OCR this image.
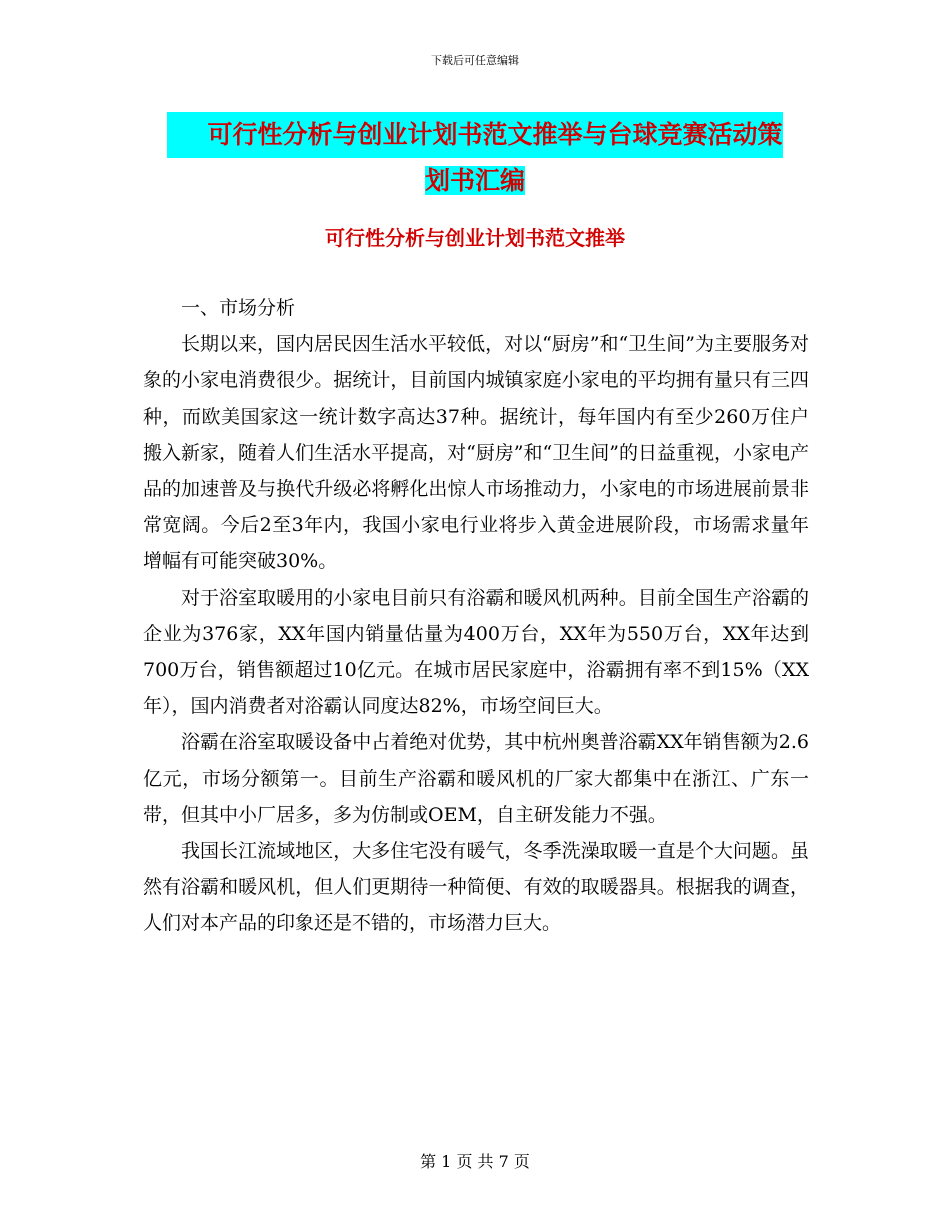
下载后可任意编辑
可行性分析与创业计划书范文推举与台球竞赛活动策
划书汇编
可行性分析与创业计划书范文推举

一、市场分析

长期以来，国内居民因生活水平较低，对以“厨房”和“卫生间”为主要服务对象的小家电消费很少。据统计，目前国内城镇家庭小家电的平均拥有量只有三四种，而欧美国家这一统计数字高达37种。据统计，每年国内有至少260万住户搬入新家，随着人们生活水平提高，对“厨房”和“卫生间”的日益重视，小家电产品的加速普及与换代升级必将孵化出惊人市场推动力，小家电的市场进展前景非常宽阔。今后2至3年内，我国小家电行业将步入黄金进展阶段，市场需求量年增幅有可能突破30%。

对于浴室取暖用的小家电目前只有浴霸和暖风机两种。目前全国生产浴霸的企业为376家，XX年国内销量估量为400万台，XX年为550万台，XX年达到700万台，销售额超过10亿元。在城市居民家庭中，浴霸拥有率不到15%（XX年），国内消费者对浴霸认同度达82%，市场空间巨大。

浴霸在浴室取暖设备中占着绝对优势，其中杭州奥普浴霸XX年销售额为2.6亿元，市场分额第一。目前生产浴霸和暖风机的厂家大都集中在浙江、广东一带，但其中小厂居多，多为仿制或OEM，自主研发能力不强。

我国长江流域地区，大多住宅没有暖气，冬季洗澡取暖一直是个大问题。虽然有浴霸和暖风机，但人们更期待一种简便、有效的取暖器具。根据我的调查，人们对本产品的印象还是不错的，市场潜力巨大。

第 1 页 共 7 页
